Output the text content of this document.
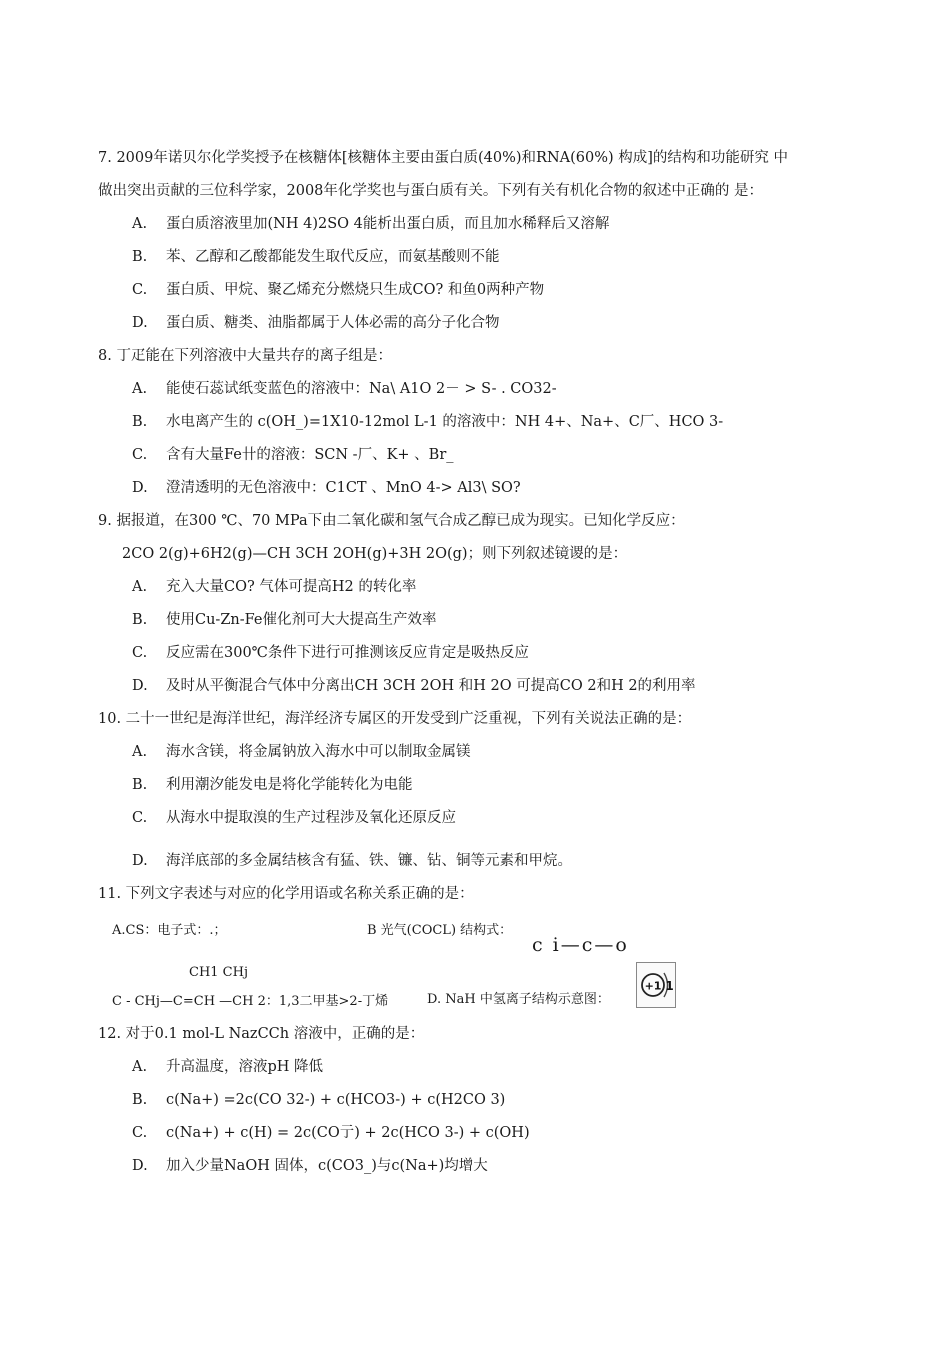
7. 2009年诺贝尔化学奖授予在核糖体[核糖体主要由蛋白质(40%)和RNA(60%) 构成]的结构和功能研究 中
做出突出贡献的三位科学家，2008年化学奖也与蛋白质有关。下列有关有机化合物的叙述中正确的 是：
A. 蛋白质溶液里加(NH 4)2SO 4能析出蛋白质，而且加水稀释后又溶解
B. 苯、乙醇和乙酸都能发生取代反应，而氨基酸则不能
C. 蛋白质、甲烷、聚乙烯充分燃烧只生成CO? 和鱼0两种产物
D. 蛋白质、糖类、油脂都属于人体必需的高分子化合物
8. 丁疋能在下列溶液中大量共存的离子组是：
A. 能使石蕊试纸变蓝色的溶液中：Na\ A1O 2－ > S- . CO32-
B. 水电离产生的 c(OH_)=1X10-12mol L-1 的溶液中：NH 4+、Na+、C厂、HCO 3-
C. 含有大量Fe卄的溶液：SCN -厂、K+ 、Br_
D. 澄清透明的无色溶液中：C1CT 、MnO 4-> Al3\ SO?
9. 据报道，在300 ℃、70 MPa下由二氧化碳和氢气合成乙醇已成为现实。已知化学反应：
2CO 2(g)+6H2(g)—CH 3CH 2OH(g)+3H 2O(g)；则下列叙述镜谡的是：
A. 充入大量CO? 气体可提高H2 的转化率
B. 使用Cu-Zn-Fe催化剂可大大提高生产效率
C. 反应需在300℃条件下进行可推测该反应肯定是吸热反应
D. 及时从平衡混合气体中分离出CH 3CH 2OH 和H 2O 可提高CO 2和H 2的利用率
10. 二十一世纪是海洋世纪，海洋经济专属区的开发受到广泛重视，下列有关说法正确的是：
A. 海水含镁，将金属钠放入海水中可以制取金属镁
B. 利用潮汐能发电是将化学能转化为电能
C. 从海水中提取溴的生产过程涉及氧化还原反应
D. 海洋底部的多金属结核含有猛、铁、镰、钻、铜等元素和甲烷。
11. 下列文字表述与对应的化学用语或名称关系正确的是：
A.CS：电子式：.；	B 光气(COCL) 结构式：
c i—c—o
CH1 CHj
C - CHj—C=CH —CH 2：1,3二甲基>2-丁烯	D. NaH 中氢离子结构示意图：
+1 1
12. 对于0.1 mol-L NazCCh 溶液中，正确的是：
A. 升高温度，溶液pH 降低
B. c(Na+) =2c(CO 32-) + c(HCO3-) + c(H2CO 3)
C. c(Na+) + c(H) = 2c(CO亍) + 2c(HCO 3-) + c(OH)
D. 加入少量NaOH 固体，c(CO3_)与c(Na+)均增大
